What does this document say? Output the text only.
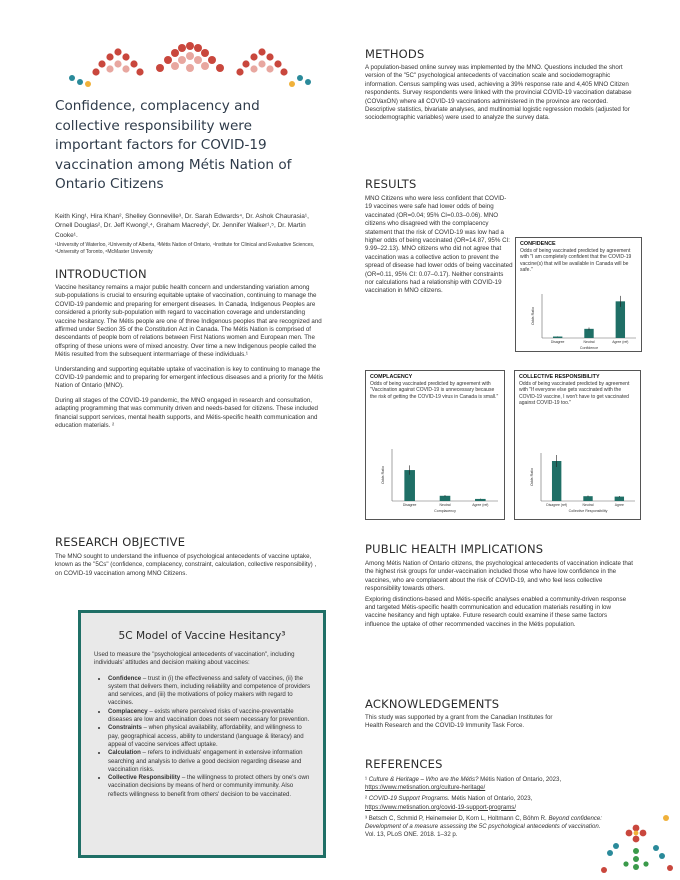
Confidence, complacency and collective responsibility were important factors for COVID-19 vaccination among Métis Nation of Ontario Citizens
Keith King¹, Hira Khan², Shelley Gonneville³, Dr. Sarah Edwards⁴, Dr. Ashok Chaurasia¹, Ornell Douglas², Dr. Jeff Kwong²,⁴, Graham Macredy², Dr. Jennifer Walker¹,⁵, Dr. Martin Cooke¹.
¹University of Waterloo, ²University of Alberta, ³Métis Nation of Ontario, ⁴Institute for Clinical and Evaluative Sciences, ⁵University of Toronto, ⁶McMaster University
INTRODUCTION

Vaccine hesitancy remains a major public health concern and understanding variation among sub-populations is crucial to ensuring equitable uptake of vaccination, continuing to manage the COVID-19 pandemic and preparing for emergent diseases. In Canada, Indigenous Peoples are considered a priority sub-population with regard to vaccination coverage and understanding vaccine hesitancy. The Métis people are one of three Indigenous peoples that are recognized and affirmed under Section 35 of the Constitution Act in Canada. The Métis Nation is comprised of descendants of people born of relations between First Nations women and European men. The offspring of these unions were of mixed ancestry. Over time a new Indigenous people called the Métis resulted from the subsequent intermarriage of these individuals.¹

Understanding and supporting equitable uptake of vaccination is key to continuing to manage the COVID-19 pandemic and to preparing for emergent infectious diseases and a priority for the Métis Nation of Ontario (MNO).

During all stages of the COVID-19 pandemic, the MNO engaged in research and consultation, adapting programming that was community driven and needs-based for citizens. These included financial support services, mental health supports, and Métis-specific health communication and education materials. ²

RESEARCH OBJECTIVE
The MNO sought to understand the influence of psychological antecedents of vaccine uptake, known as the "5Cs" (confidence, complacency, constraint, calculation, collective responsibility) , on COVID-19 vaccination among MNO Citizens.
5C Model of Vaccine Hesitancy³
Used to measure the "psychological antecedents of vaccination", including individuals' attitudes and decision making about vaccines:
• Confidence – trust in (i) the effectiveness and safety of vaccines, (ii) the system that delivers them, including reliability and competence of providers and services, and (iii) the motivations of policy makers with regard to vaccines.
• Complacency – exists where perceived risks of vaccine-preventable diseases are low and vaccination does not seem necessary for prevention.
• Constraints – when physical availability, affordability, and willingness to pay, geographical access, ability to understand (language & literacy) and appeal of vaccine services affect uptake.
• Calculation – refers to individuals' engagement in extensive information searching and analysis to derive a good decision regarding disease and vaccination risks.
• Collective Responsibility – the willingness to protect others by one's own vaccination decisions by means of herd or community immunity. Also reflects willingness to benefit from others' decision to be vaccinated.
METHODS
A population-based online survey was implemented by the MNO. Questions included the short version of the "5C" psychological antecedents of vaccination scale and sociodemographic information. Census sampling was used, achieving a 39% response rate and 4,405 MNO Citizen respondents. Survey respondents were linked with the provincial COVID-19 vaccination database (COVaxON) where all COVID-19 vaccinations administered in the province are recorded. Descriptive statistics, bivariate analyses, and multinomial logistic regression models (adjusted for sociodemographic variables) were used to analyze the survey data.
RESULTS
MNO Citizens who were less confident that COVID-19 vaccines were safe had lower odds of being vaccinated (OR=0.04; 95% CI=0.03–0.06). MNO citizens who disagreed with the complacency statement that the risk of COVID-19 was low had a higher odds of being vaccinated (OR=14.87, 95% CI: 9.99–22.13). MNO citizens who did not agree that vaccination was a collective action to prevent the spread of disease had lower odds of being vaccinated (OR=0.11, 95% CI: 0.07–0.17). Neither constraints nor calculations had a relationship with COVID-19 vaccination in MNO citizens.
CONFIDENCE
Odds of being vaccinated predicted by agreement with "I am completely confident that the COVID-19 vaccine(s) that will be available in Canada will be safe."
Disagree	Neutral	Agree (ref)
Confidence
Odds Ratio
COMPLACENCY
Odds of being vaccinated predicted by agreement with "Vaccination against COVID-19 is unnecessary because the risk of getting the COVID-19 virus in Canada is small."
Disagree	Neutral	Agree (ref)
Complacency
Odds Ratio
COLLECTIVE RESPONSIBILITY
Odds of being vaccinated predicted by agreement with "If everyone else gets vaccinated with the COVID-19 vaccine, I won't have to get vaccinated against COVID-19 too."
Disagree (ref)	Neutral	Agree
Collective Responsibility
Odds Ratio
PUBLIC HEALTH IMPLICATIONS

Among Métis Nation of Ontario citizens, the psychological antecedents of vaccination indicate that the highest risk groups for under-vaccination included those who have low confidence in the vaccines, who are complacent about the risk of COVID-19, and who feel less collective responsibility towards others.

Exploring distinctions-based and Métis-specific analyses enabled a community-driven response and targeted Métis-specific health communication and education materials resulting in low vaccine hesitancy and high uptake. Future research could examine if these same factors influence the uptake of other recommended vaccines in the Métis population.

ACKNOWLEDGEMENTS
This study was supported by a grant from the Canadian Institutes for Health Research and the COVID-19 Immunity Task Force.
REFERENCES

¹ Culture & Heritage – Who are the Métis? Métis Nation of Ontario, 2023,
https://www.metisnation.org/culture-heritage/

² COVID-19 Support Programs. Métis Nation of Ontario, 2023,
https://www.metisnation.org/covid-19-support-programs/

³ Betsch C, Schmid P, Heinemeier D, Korn L, Holtmann C, Böhm R. Beyond confidence: Development of a measure assessing the 5C psychological antecedents of vaccination. Vol. 13, PLoS ONE. 2018. 1–32 p.
